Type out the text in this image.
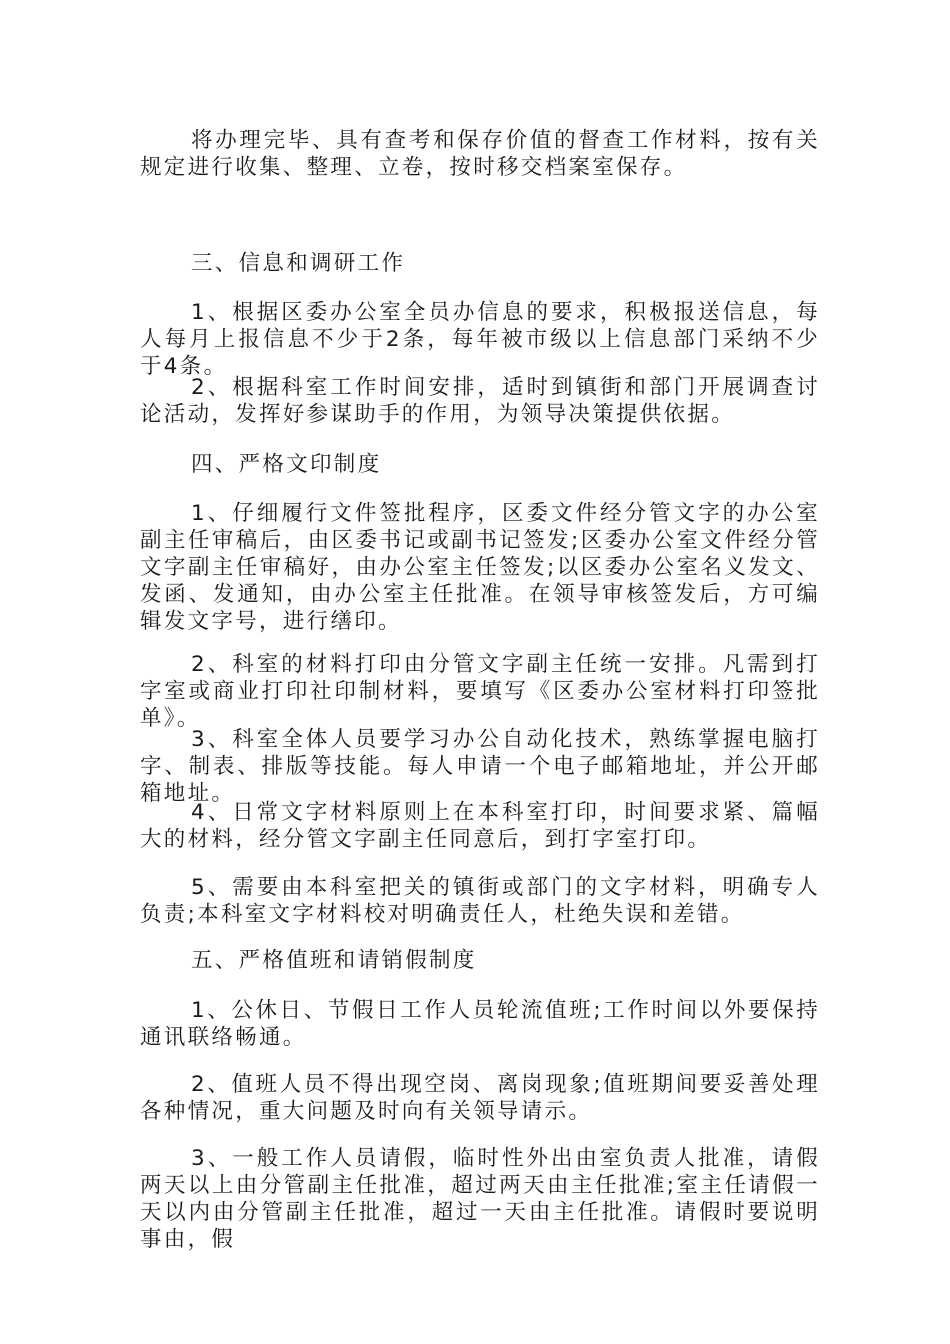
将办理完毕、具有查考和保存价值的督查工作材料，按有关规定进行收集、整理、立卷，按时移交档案室保存。

三、信息和调研工作

1、根据区委办公室全员办信息的要求，积极报送信息，每人每月上报信息不少于2条，每年被市级以上信息部门采纳不少于4条。

2、根据科室工作时间安排，适时到镇街和部门开展调查讨论活动，发挥好参谋助手的作用，为领导决策提供依据。

四、严格文印制度

1、仔细履行文件签批程序，区委文件经分管文字的办公室副主任审稿后，由区委书记或副书记签发;区委办公室文件经分管文字副主任审稿好，由办公室主任签发;以区委办公室名义发文、发函、发通知，由办公室主任批准。在领导审核签发后，方可编辑发文字号，进行缮印。

2、科室的材料打印由分管文字副主任统一安排。凡需到打字室或商业打印社印制材料，要填写《区委办公室材料打印签批单》。

3、科室全体人员要学习办公自动化技术，熟练掌握电脑打字、制表、排版等技能。每人申请一个电子邮箱地址，并公开邮箱地址。

4、日常文字材料原则上在本科室打印，时间要求紧、篇幅大的材料，经分管文字副主任同意后，到打字室打印。

5、需要由本科室把关的镇街或部门的文字材料，明确专人负责;本科室文字材料校对明确责任人，杜绝失误和差错。

五、严格值班和请销假制度

1、公休日、节假日工作人员轮流值班;工作时间以外要保持通讯联络畅通。

2、值班人员不得出现空岗、离岗现象;值班期间要妥善处理各种情况，重大问题及时向有关领导请示。

3、一般工作人员请假，临时性外出由室负责人批准，请假两天以上由分管副主任批准，超过两天由主任批准;室主任请假一天以内由分管副主任批准，超过一天由主任批准。请假时要说明事由，假
